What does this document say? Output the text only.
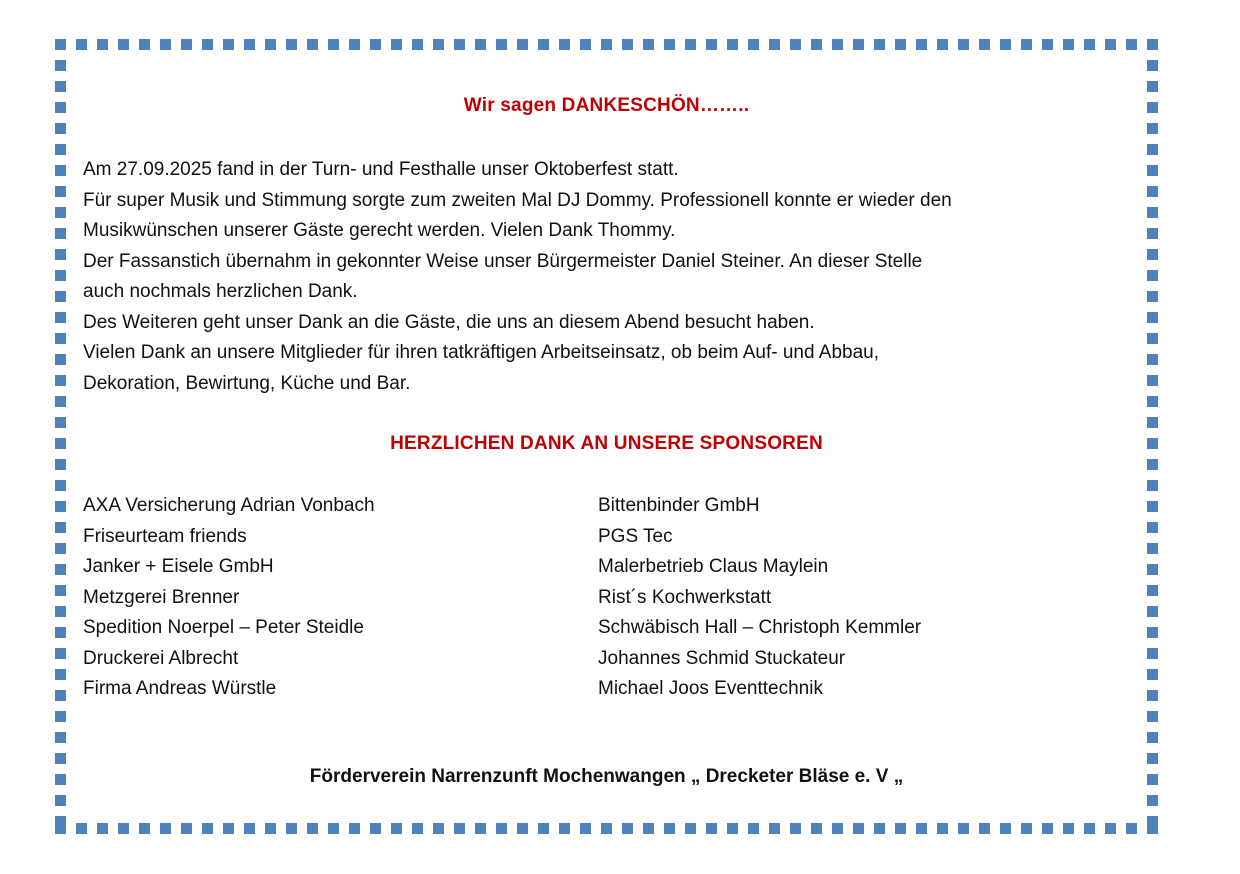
Wir sagen DANKESCHÖN……..
Am 27.09.2025 fand in der Turn- und Festhalle unser Oktoberfest statt.
Für super Musik und Stimmung sorgte zum zweiten Mal DJ Dommy. Professionell konnte er wieder den
Musikwünschen unserer Gäste gerecht werden. Vielen Dank Thommy.
Der Fassanstich übernahm in gekonnter Weise unser Bürgermeister Daniel Steiner. An dieser Stelle
auch nochmals herzlichen Dank.
Des Weiteren geht unser Dank an die Gäste, die uns an diesem Abend besucht haben.
Vielen Dank an unsere Mitglieder für ihren tatkräftigen Arbeitseinsatz, ob beim Auf- und Abbau,
Dekoration, Bewirtung, Küche und Bar.
HERZLICHEN DANK AN UNSERE SPONSOREN
AXA Versicherung Adrian Vonbach
Friseurteam friends
Janker + Eisele GmbH
Metzgerei Brenner
Spedition Noerpel – Peter Steidle
Druckerei Albrecht
Firma Andreas Würstle
Bittenbinder GmbH
PGS Tec
Malerbetrieb Claus Maylein
Rist´s Kochwerkstatt
Schwäbisch Hall – Christoph Kemmler
Johannes Schmid Stuckateur
Michael Joos Eventtechnik
Förderverein Narrenzunft Mochenwangen „ Drecketer Bläse e. V „
